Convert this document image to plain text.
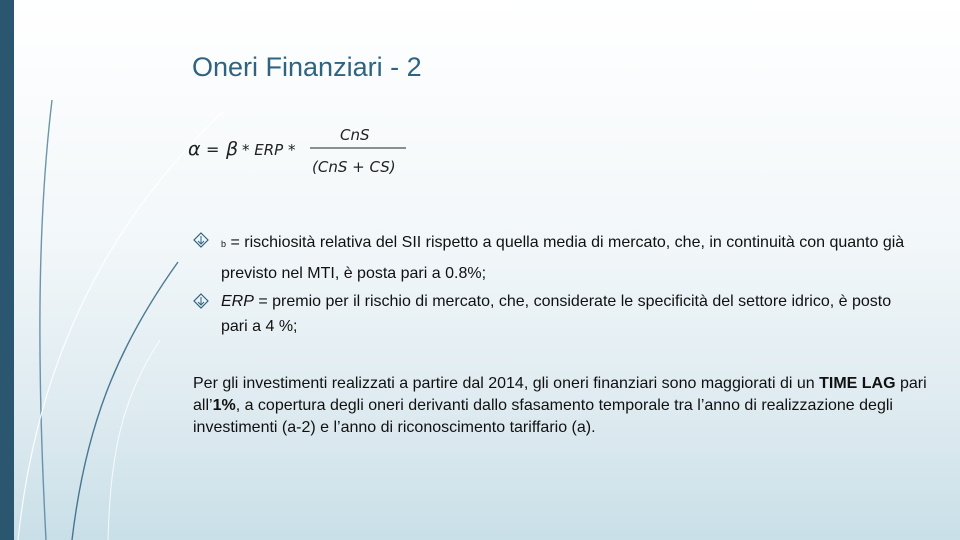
Oneri Finanziari - 2
α = β * ERP *
CnS
(CnS + CS)
b = rischiosità relativa del SII rispetto a quella media di mercato, che, in continuità con quanto già previsto nel MTI, è posta pari a 0.8%;
ERP = premio per il rischio di mercato, che, considerate le specificità del settore idrico, è posto pari a 4 %;
Per gli investimenti realizzati a partire dal 2014, gli oneri finanziari sono maggiorati di un TIME LAG pari all’1%, a copertura degli oneri derivanti dallo sfasamento temporale tra l’anno di realizzazione degli investimenti (a-2) e l’anno di riconoscimento tariffario (a).
